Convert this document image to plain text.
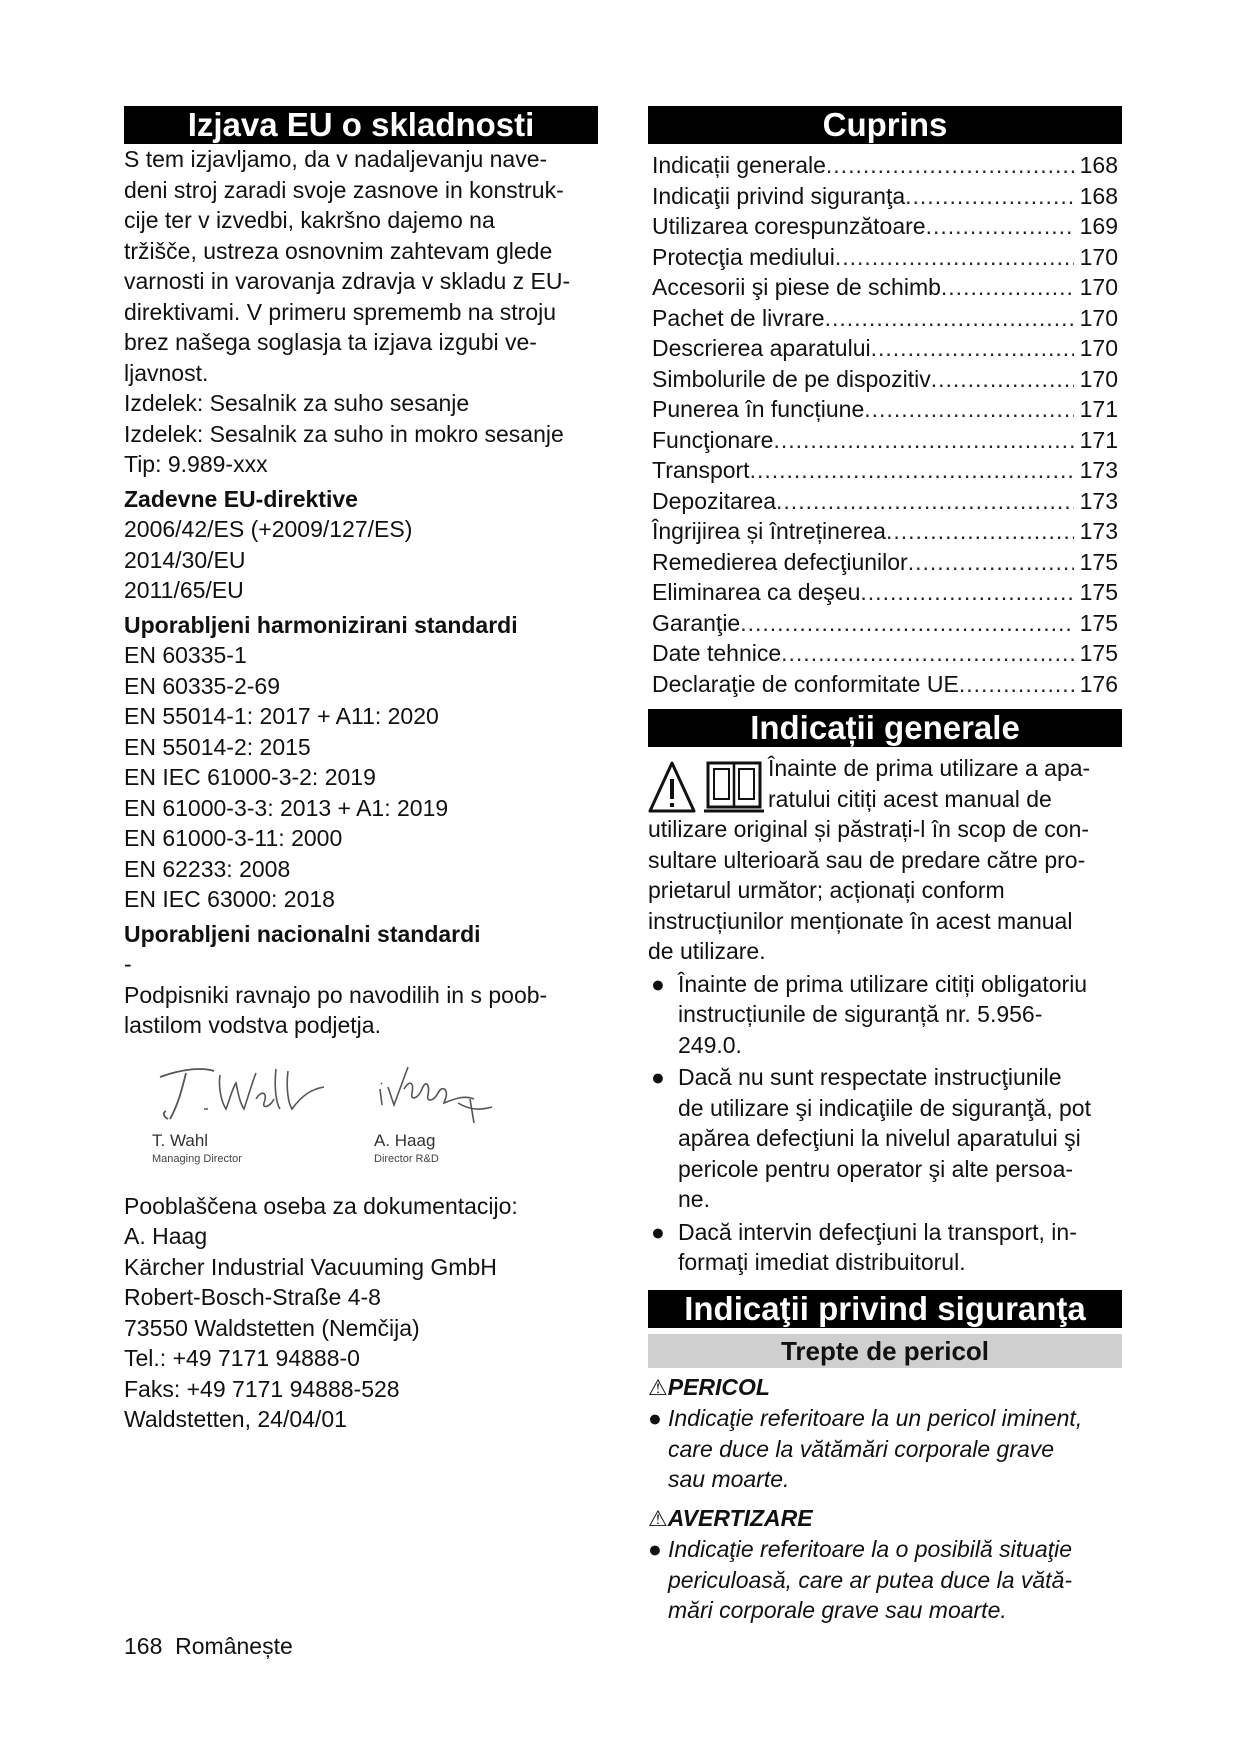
Izjava EU o skladnosti

S tem izjavljamo, da v nadaljevanju nave-

deni stroj zaradi svoje zasnove in konstruk-

cije ter v izvedbi, kakršno dajemo na

tržišče, ustreza osnovnim zahtevam glede

varnosti in varovanja zdravja v skladu z EU-

direktivami. V primeru sprememb na stroju

brez našega soglasja ta izjava izgubi ve-

ljavnost.

Izdelek: Sesalnik za suho sesanje

Izdelek: Sesalnik za suho in mokro sesanje

Tip: 9.989-xxx

Zadevne EU-direktive

2006/42/ES (+2009/127/ES)

2014/30/EU

2011/65/EU

Uporabljeni harmonizirani standardi

EN 60335-1

EN 60335-2-69

EN 55014-1: 2017 + A11: 2020

EN 55014-2: 2015

EN IEC 61000-3-2: 2019

EN 61000-3-3: 2013 + A1: 2019

EN 61000-3-11: 2000

EN 62233: 2008

EN IEC 63000: 2018

Uporabljeni nacionalni standardi

-

Podpisniki ravnajo po navodilih in s poob-

lastilom vodstva podjetja.

T. Wahl
Managing Director
A. Haag
Director R&D

Pooblaščena oseba za dokumentacijo:

A. Haag

Kärcher Industrial Vacuuming GmbH

Robert-Bosch-Straße 4-8

73550 Waldstetten (Nemčija)

Tel.: +49 7171 94888-0

Faks: +49 7171 94888-528

Waldstetten, 24/04/01

Cuprins
Indicații generale .....	168
Indicaţii privind siguranţa .....	168
Utilizarea corespunzătoare .....	169
Protecţia mediului .....	170
Accesorii şi piese de schimb .....	170
Pachet de livrare .....	170
Descrierea aparatului .....	170
Simbolurile de pe dispozitiv .....	170
Punerea în funcțiune .....	171
Funcţionare .....	171
Transport .....	173
Depozitarea .....	173
Îngrijirea și întreținerea .....	173
Remedierea defecţiunilor .....	175
Eliminarea ca deşeu .....	175
Garanţie .....	175
Date tehnice .....	175
Declaraţie de conformitate UE .....	176
Indicații generale

Înainte de prima utilizare a apa-

ratului citiți acest manual de

utilizare original și păstrați-l în scop de con-

sultare ulterioară sau de predare către pro-

prietarul următor; acționați conform

instrucțiunilor menționate în acest manual

de utilizare.

● Înainte de prima utilizare citiți obligatoriu
instrucțiunile de siguranță nr. 5.956-
249.0.
● Dacă nu sunt respectate instrucţiunile
de utilizare şi indicaţiile de siguranţă, pot
apărea defecţiuni la nivelul aparatului şi
pericole pentru operator şi alte persoa-
ne.
● Dacă intervin defecţiuni la transport, in-
formaţi imediat distribuitorul.
Indicaţii privind siguranţa
Trepte de pericol
⚠PERICOL
● Indicaţie referitoare la un pericol iminent,
care duce la vătămări corporale grave
sau moarte.
⚠AVERTIZARE
● Indicaţie referitoare la o posibilă situaţie
periculoasă, care ar putea duce la vătă-
mări corporale grave sau moarte.
168 Românește
